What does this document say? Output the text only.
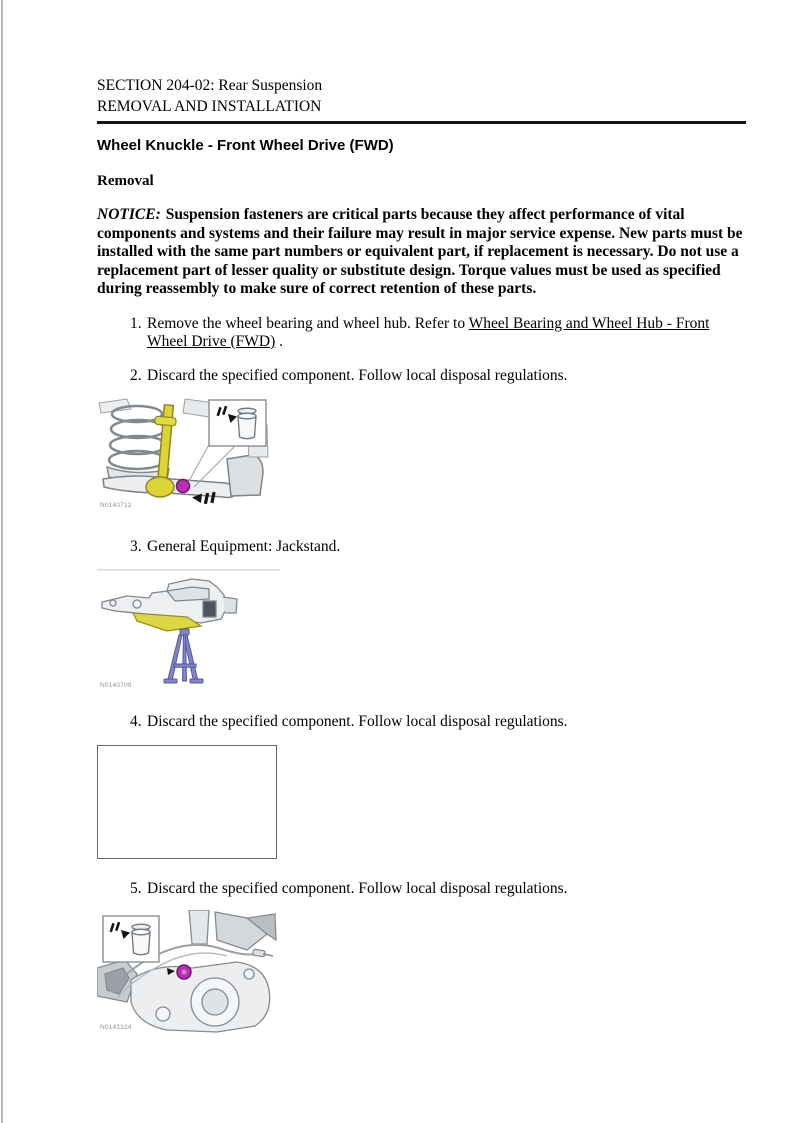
SECTION 204-02: Rear Suspension
REMOVAL AND INSTALLATION
Wheel Knuckle - Front Wheel Drive (FWD)
Removal

NOTICE: Suspension fasteners are critical parts because they affect performance of vital components and systems and their failure may result in major service expense. New parts must be installed with the same part numbers or equivalent part, if replacement is necessary. Do not use a replacement part of lesser quality or substitute design. Torque values must be used as specified during reassembly to make sure of correct retention of these parts.

1. Remove the wheel bearing and wheel hub. Refer to Wheel Bearing and Wheel Hub - Front Wheel Drive (FWD) .
2. Discard the specified component. Follow local disposal regulations.
N0140712
3. General Equipment: Jackstand.
N0140709
4. Discard the specified component. Follow local disposal regulations.
5. Discard the specified component. Follow local disposal regulations.
N0141324
